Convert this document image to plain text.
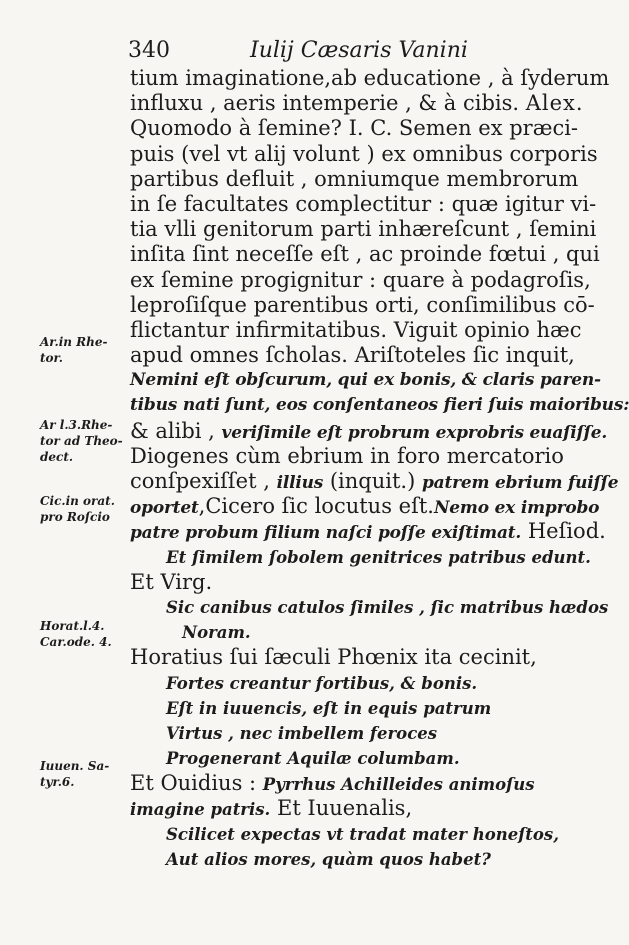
340	Iulij Cæsaris Vanini
tium imaginatione,ab educatione , à ſyderum
influxu , aeris intemperie , & à cibis. Alex.
Quomodo à ſemine? I. C. Semen ex præci-
puis (vel vt alij volunt ) ex omnibus corporis
partibus defluit , omniumque membrorum
in ſe facultates complectitur : quæ igitur vi-
tia vlli genitorum parti inhæreſcunt , ſemini
inſita ſint neceſſe eſt , ac proinde fœtui , qui
ex ſemine progignitur : quare à podagroſis,
leproſiſque parentibus orti, conſimilibus cō-
flictantur infirmitatibus. Viguit opinio hæc
apud omnes ſcholas. Ariſtoteles ſic inquit,
Nemini eſt obſcurum, qui ex bonis, & claris paren-
tibus nati ſunt, eos conſentaneos fieri ſuis maioribus:
& alibi , veriſimile eſt probrum exprobris euaſiſſe.
Diogenes cùm ebrium in foro mercatorio
conſpexiſſet , illius (inquit.) patrem ebrium fuiſſe
oportet,Cicero ſic locutus eſt.Nemo ex improbo
patre probum filium naſci poſſe exiſtimat. Heſiod.
Et ſimilem ſobolem genitrices patribus edunt.
Et Virg.
Sic canibus catulos ſimiles , ſic matribus hædos
Noram.
Horatius ſui ſæculi Phœnix ita cecinit,
Fortes creantur fortibus, & bonis.
Eſt in iuuencis, eſt in equis patrum
Virtus , nec imbellem feroces
Progenerant Aquilæ columbam.
Et Ouidius : Pyrrhus Achilleides animoſus
imagine patris. Et Iuuenalis,
Scilicet expectas vt tradat mater honeſtos,
Aut alios mores, quàm quos habet?
Ar.in Rhe-
tor.
Ar l.3.Rhe-
tor ad Theo-
dect.
Cic.in orat.
pro Roſcio
Horat.l.4.
Car.ode. 4.
Iuuen. Sa-
tyr.6.
